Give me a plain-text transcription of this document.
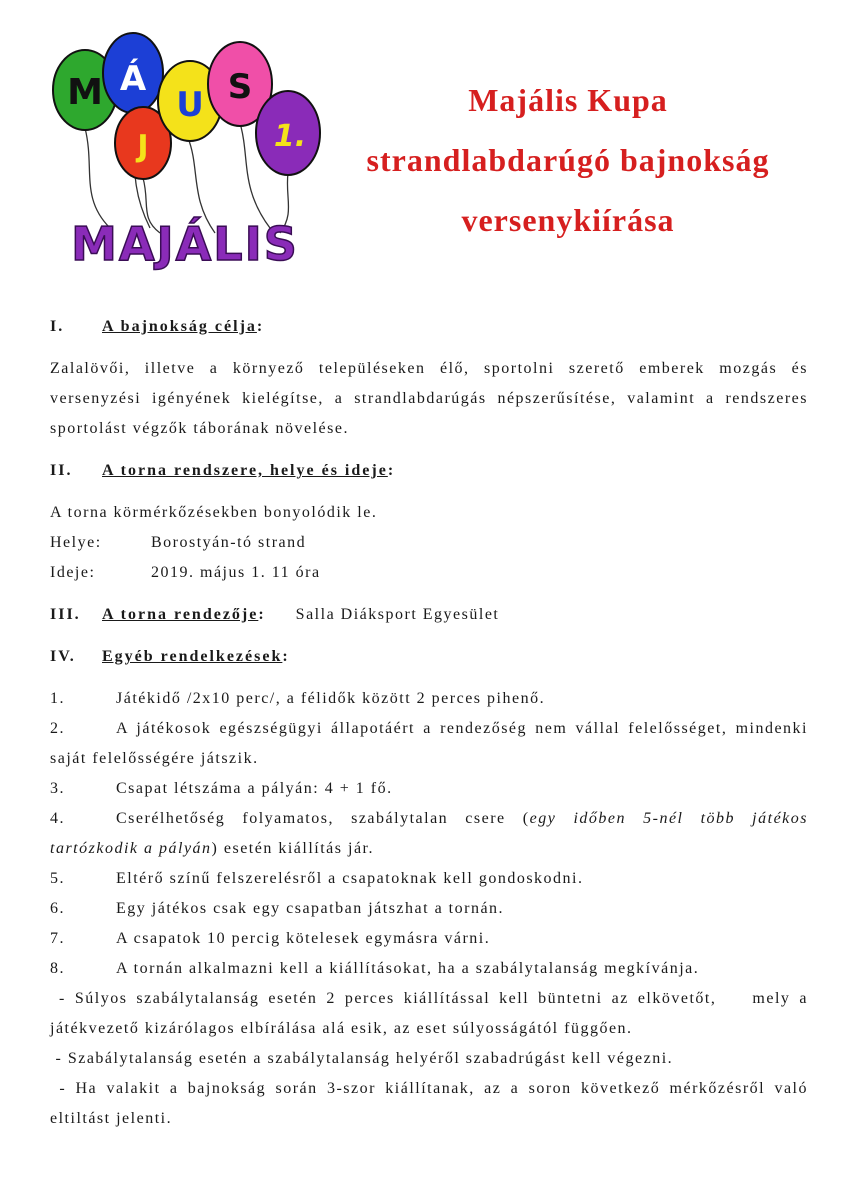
M Á
J
U S
1.
MAJÁLIS
Majális Kupa
strandlabdarúgó bajnokság
versenykiírása

I. A bajnokság célja:

Zalalövői, illetve a környező településeken élő, sportolni szerető emberek mozgás és versenyzési igényének kielégítse, a strandlabdarúgás népszerűsítése, valamint a rendszeres sportolást végzők táborának növelése.

II. A torna rendszere, helye és ideje:

A torna körmérkőzésekben bonyolódik le.

Helye:	Borostyán-tó strand

Ideje:	2019. május 1. 11 óra

III. A torna rendezője: Salla Diáksport Egyesület

IV. Egyéb rendelkezések:

1.	Játékidő /2x10 perc/, a félidők között 2 perces pihenő.

2.	A játékosok egészségügyi állapotáért a rendezőség nem vállal felelősséget, mindenki saját felelősségére játszik.

3.	Csapat létszáma a pályán: 4 + 1 fő.

4.	Cserélhetőség folyamatos, szabálytalan csere (egy időben 5-nél több játékos tartózkodik a pályán) esetén kiállítás jár.

5.	Eltérő színű felszerelésről a csapatoknak kell gondoskodni.

6.	Egy játékos csak egy csapatban játszhat a tornán.

7.	A csapatok 10 percig kötelesek egymásra várni.

8.	A tornán alkalmazni kell a kiállításokat, ha a szabálytalanság megkívánja.

- Súlyos szabálytalanság esetén 2 perces kiállítással kell büntetni az elkövetőt,    mely a játékvezető kizárólagos elbírálása alá esik, az eset súlyosságától függően.

- Szabálytalanság esetén a szabálytalanság helyéről szabadrúgást kell végezni.

- Ha valakit a bajnokság során 3-szor kiállítanak, az a soron következő mérkőzésről való eltiltást jelenti.
